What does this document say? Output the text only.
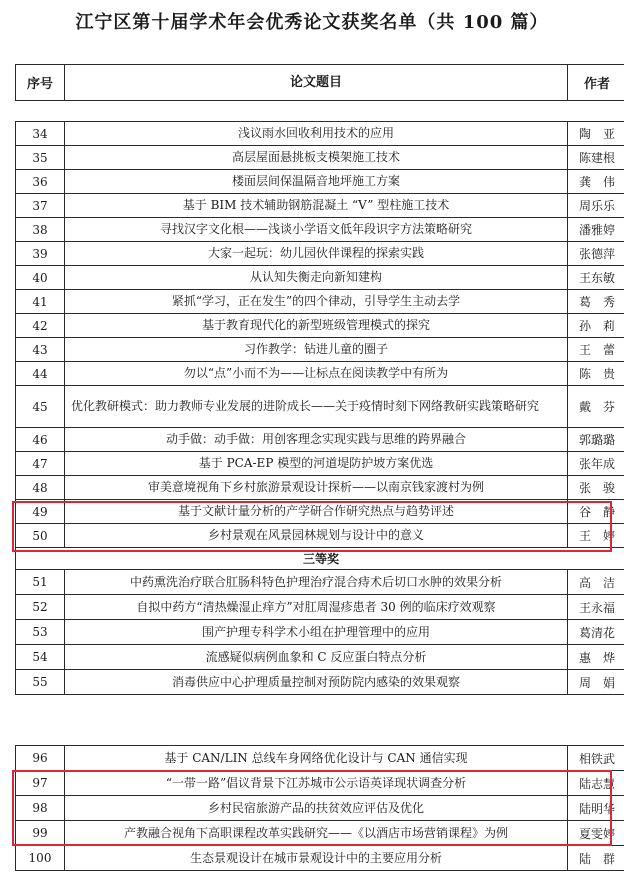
江宁区第十届学术年会优秀论文获奖名单（共 100 篇）
序号	论文题目	作者
34	浅议雨水回收利用技术的应用	陶　亚
35	高层屋面悬挑板支模架施工技术	陈建根
36	楼面层间保温隔音地坪施工方案	龚　伟
37	基于 BIM 技术辅助钢筋混凝土 “V” 型柱施工技术	周乐乐
38	寻找汉字文化根——浅谈小学语文低年段识字方法策略研究	潘雅婷
39	大家一起玩：幼儿园伙伴课程的探索实践	张德萍
40	从认知失衡走向新知建构	王东敏
41	紧抓“学习，正在发生”的四个律动，引导学生主动去学	葛　秀
42	基于教育现代化的新型班级管理模式的探究	孙　莉
43	习作教学：钻进儿童的圈子	王　蕾
44	勿以“点”小而不为——让标点在阅读教学中有所为	陈　贵
45	优化教研模式：助力教师专业发展的进阶成长——关于疫情时刻下网络教研实践策略研究	戴　芬
46	动手做：动手做：用创客理念实现实践与思维的跨界融合	郭璐璐
47	基于 PCA-EP 模型的河道堤防护坡方案优选	张年成
48	审美意境视角下乡村旅游景观设计探析——以南京钱家渡村为例	张　骏
49	基于文献计量分析的产学研合作研究热点与趋势评述	谷　静
50	乡村景观在风景园林规划与设计中的意义	王　婷
三等奖		
51	中药熏洗治疗联合肛肠科特色护理治疗混合痔术后切口水肿的效果分析	高　洁
52	自拟中药方“清热燥湿止痒方”对肛周湿疹患者 30 例的临床疗效观察	王永福
53	围产护理专科学术小组在护理管理中的应用	葛清花
54	流感疑似病例血象和 C 反应蛋白特点分析	惠　烨
55	消毒供应中心护理质量控制对预防院内感染的效果观察	周　娟
96	基于 CAN/LIN 总线车身网络优化设计与 CAN 通信实现	相铁武
97	“一带一路”倡议背景下江苏城市公示语英译现状调查分析	陆志慧
98	乡村民宿旅游产品的扶贫效应评估及优化	陆明华
99	产教融合视角下高职课程改革实践研究——《以酒店市场营销课程》为例	夏雯婷
100	生态景观设计在城市景观设计中的主要应用分析	陆　群
